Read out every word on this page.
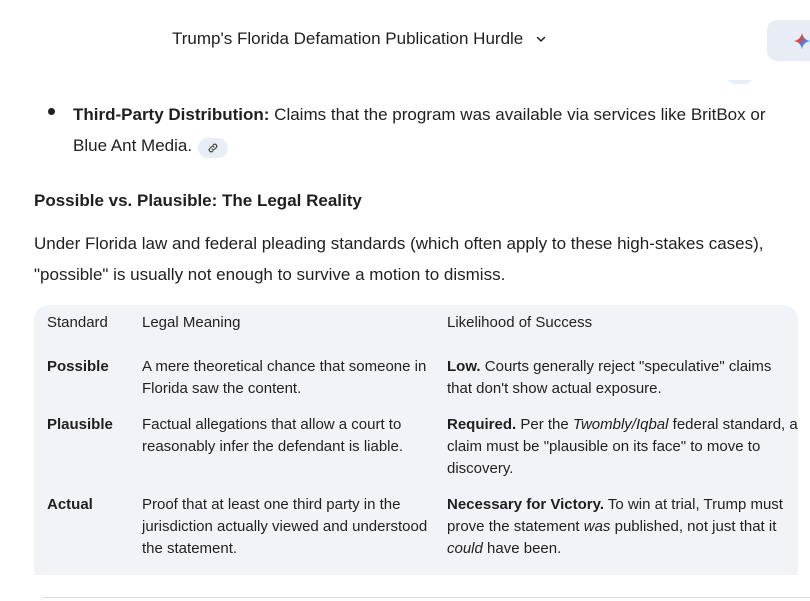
Third-Party Distribution: Claims that the program was available via services like BritBox or Blue Ant Media.
Possible vs. Plausible: The Legal Reality
Under Florida law and federal pleading standards (which often apply to these high-stakes cases), "possible" is usually not enough to survive a motion to dismiss.
Standard	Legal Meaning	Likelihood of Success
Possible	A mere theoretical chance that someone in Florida saw the content.	Low. Courts generally reject "speculative" claims that don't show actual exposure.
Plausible	Factual allegations that allow a court to reasonably infer the defendant is liable.	Required. Per the Twombly/Iqbal federal standard, a claim must be "plausible on its face" to move to discovery.
Actual	Proof that at least one third party in the jurisdiction actually viewed and understood the statement.	Necessary for Victory. To win at trial, Trump must prove the statement was published, not just that it could have been.
Trump's Florida Defamation Publication Hurdle
